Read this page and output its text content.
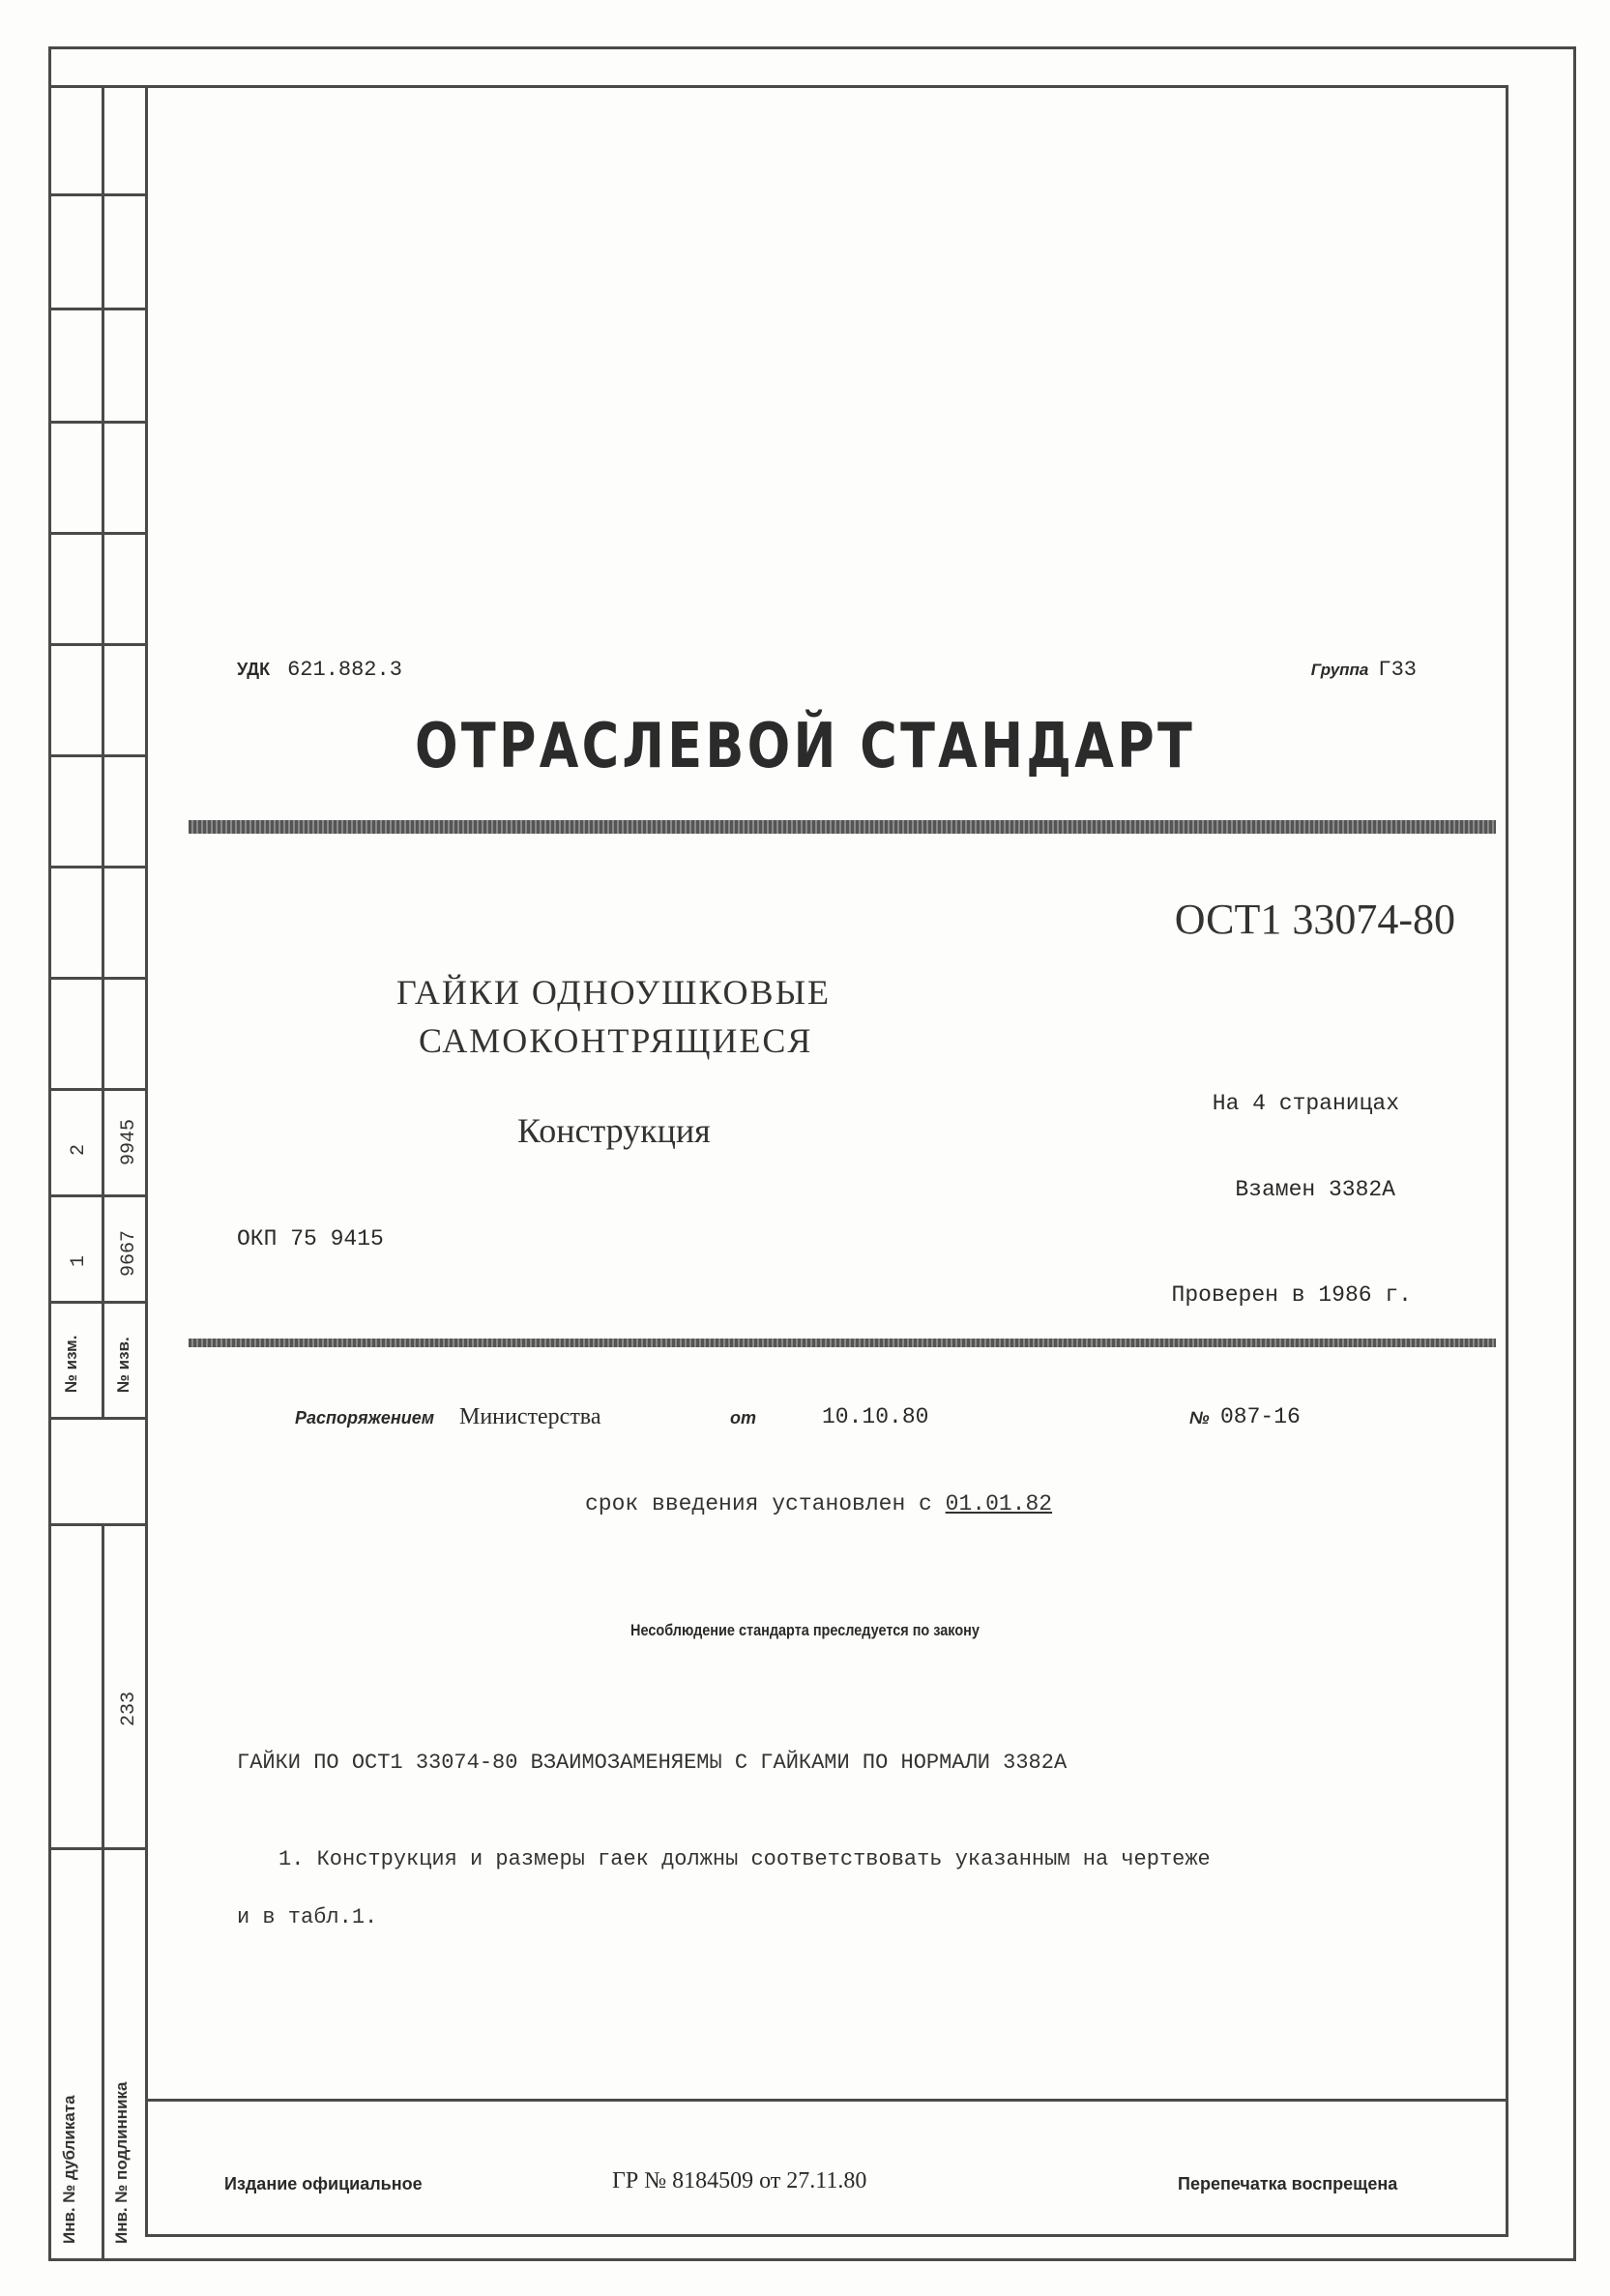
1
2
9667
9945
№ изм. № изв.
233
Инв. № дубликата Инв. № подлинника
УДК 621.882.3	Группа Г33
ОТРАСЛЕВОЙ СТАНДАРТ
ОСТ1 33074-80
ГАЙКИ ОДНОУШКОВЫЕ
САМОКОНТРЯЩИЕСЯ
Конструкция
На 4 страницах
Взамен 3382А
ОКП 75 9415
Проверен в 1986 г.
Распоряжением Министерства	от	10.10.80	№ 087-16
срок введения установлен с 01.01.82
Несоблюдение стандарта преследуется по закону
ГАЙКИ ПО ОСТ1 33074-80 ВЗАИМОЗАМЕНЯЕМЫ С ГАЙКАМИ ПО НОРМАЛИ 3382А
1. Конструкция и размеры гаек должны соответствовать указанным на чертеже
и в табл.1.
Издание официальное	ГР № 8184509 от 27.11.80	Перепечатка воспрещена
